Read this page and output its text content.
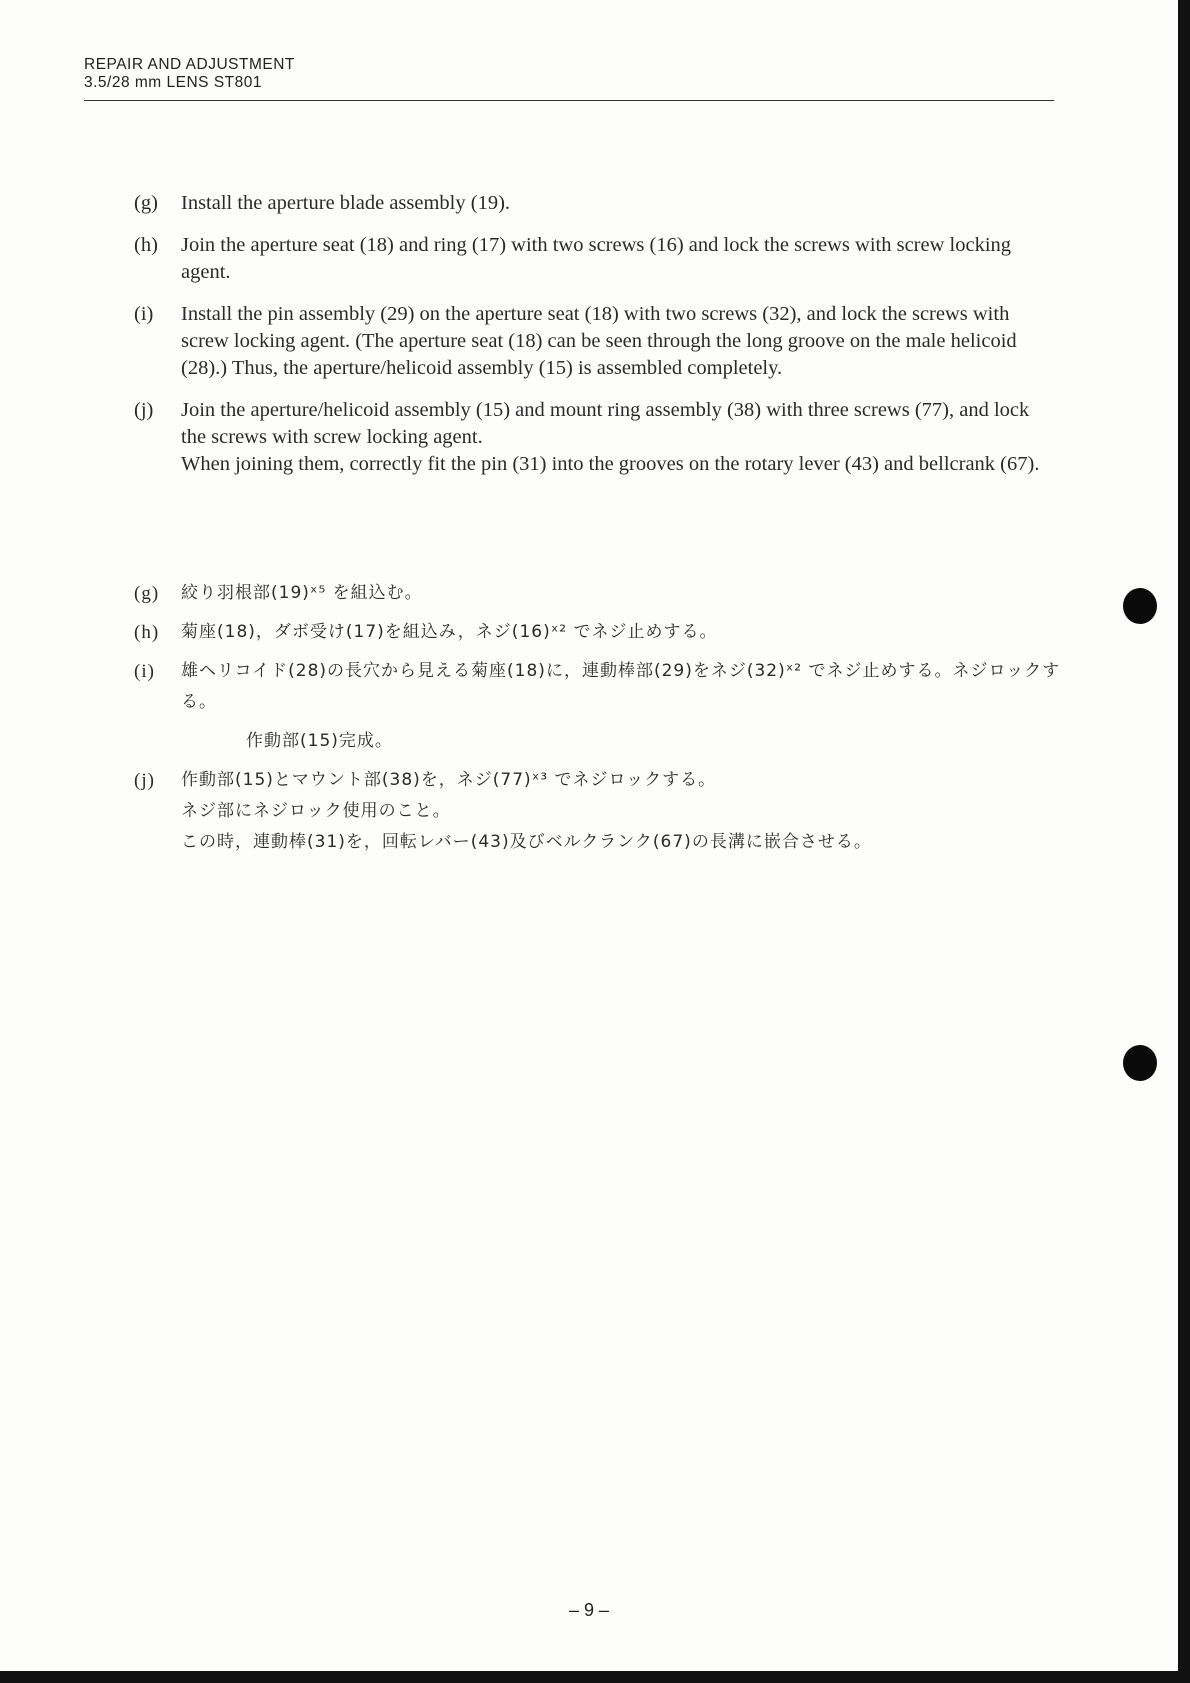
REPAIR AND ADJUSTMENT
3.5/28 mm LENS ST801
(g) Install the aperture blade assembly (19).
(h) Join the aperture seat (18) and ring (17) with two screws (16) and lock the screws with screw locking agent.
(i) Install the pin assembly (29) on the aperture seat (18) with two screws (32), and lock the screws with screw locking agent. (The aperture seat (18) can be seen through the long groove on the male helicoid (28).) Thus, the aperture/helicoid assembly (15) is assembled completely.
(j) Join the aperture/helicoid assembly (15) and mount ring assembly (38) with three screws (77), and lock the screws with screw locking agent.
When joining them, correctly fit the pin (31) into the grooves on the rotary lever (43) and bellcrank (67).
(g) 絞り羽根部(19)ˣ⁵ を組込む。
(h) 菊座(18)，ダボ受け(17)を組込み，ネジ(16)ˣ² でネジ止めする。
(i) 雄ヘリコイド(28)の長穴から見える菊座(18)に，連動棒部(29)をネジ(32)ˣ² でネジ止めする。ネジロックする。
作動部(15)完成。
(j) 作動部(15)とマウント部(38)を，ネジ(77)ˣ³ でネジロックする。
ネジ部にネジロック使用のこと。
この時，連動棒(31)を，回転レバー(43)及びベルクランク(67)の長溝に嵌合させる。
– 9 –
